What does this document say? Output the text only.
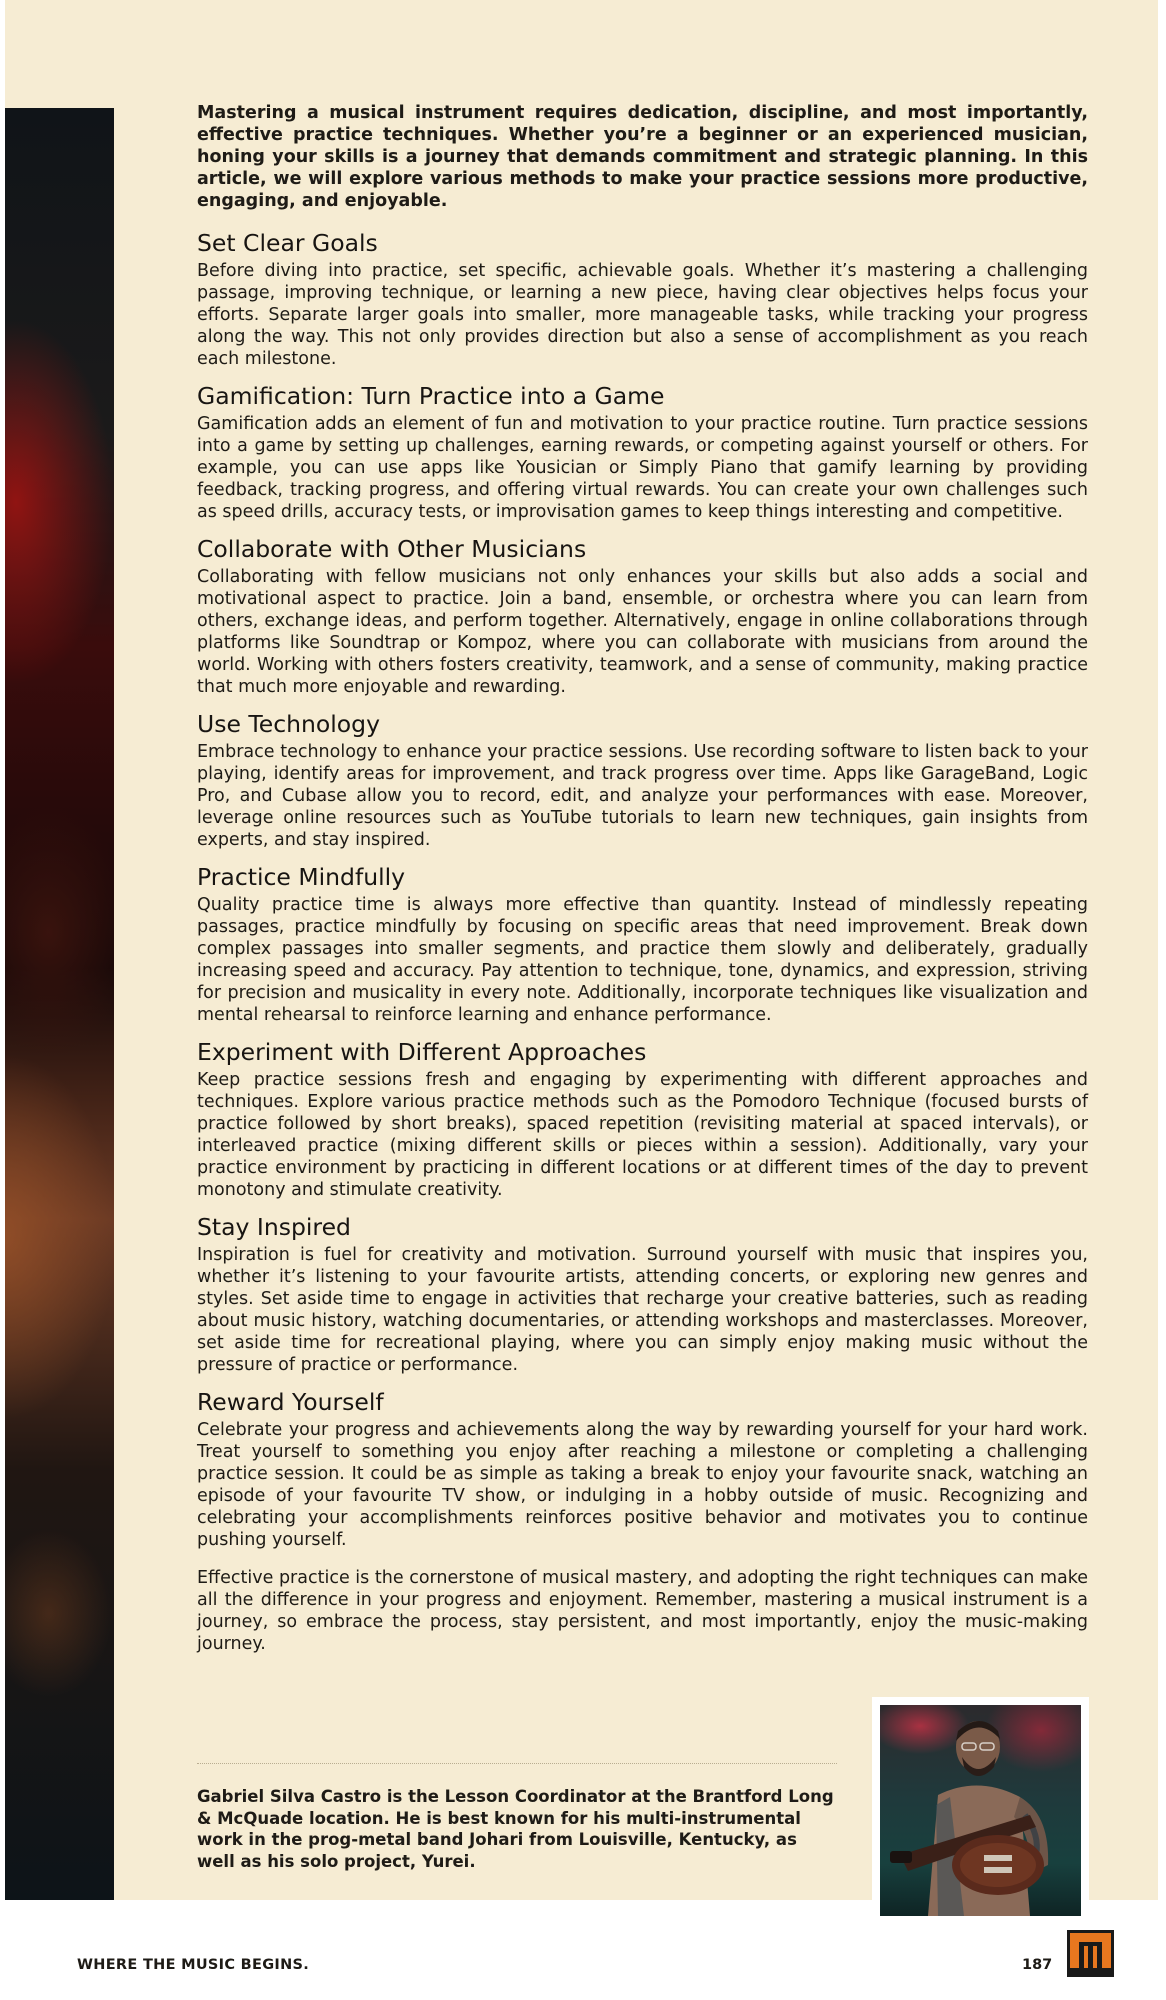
Mastering a musical instrument requires dedication, discipline, and most importantly, effective practice techniques. Whether you’re a beginner or an experienced musician, honing your skills is a journey that demands commitment and strategic planning. In this article, we will explore various methods to make your practice sessions more productive, engaging, and enjoyable.

Set Clear Goals

Before diving into practice, set specific, achievable goals. Whether it’s mastering a challenging passage, improving technique, or learning a new piece, having clear objectives helps focus your efforts. Separate larger goals into smaller, more manageable tasks, while tracking your progress along the way. This not only provides direction but also a sense of accomplishment as you reach each milestone.

Gamification: Turn Practice into a Game

Gamification adds an element of fun and motivation to your practice routine. Turn practice sessions into a game by setting up challenges, earning rewards, or competing against yourself or others. For example, you can use apps like Yousician or Simply Piano that gamify learning by providing feedback, tracking progress, and offering virtual rewards. You can create your own challenges such as speed drills, accuracy tests, or improvisation games to keep things interesting and competitive.

Collaborate with Other Musicians

Collaborating with fellow musicians not only enhances your skills but also adds a social and motivational aspect to practice. Join a band, ensemble, or orchestra where you can learn from others, exchange ideas, and perform together. Alternatively, engage in online collaborations through platforms like Soundtrap or Kompoz, where you can collaborate with musicians from around the world. Working with others fosters creativity, teamwork, and a sense of community, making practice that much more enjoyable and rewarding.

Use Technology

Embrace technology to enhance your practice sessions. Use recording software to listen back to your playing, identify areas for improvement, and track progress over time. Apps like GarageBand, Logic Pro, and Cubase allow you to record, edit, and analyze your performances with ease. Moreover, leverage online resources such as YouTube tutorials to learn new techniques, gain insights from experts, and stay inspired.

Practice Mindfully

Quality practice time is always more effective than quantity. Instead of mindlessly repeating passages, practice mindfully by focusing on specific areas that need improvement. Break down complex passages into smaller segments, and practice them slowly and deliberately, gradually increasing speed and accuracy. Pay attention to technique, tone, dynamics, and expression, striving for precision and musicality in every note. Additionally, incorporate techniques like visualization and mental rehearsal to reinforce learning and enhance performance.

Experiment with Different Approaches

Keep practice sessions fresh and engaging by experimenting with different approaches and techniques. Explore various practice methods such as the Pomodoro Technique (focused bursts of practice followed by short breaks), spaced repetition (revisiting material at spaced intervals), or interleaved practice (mixing different skills or pieces within a session). Additionally, vary your practice environment by practicing in different locations or at different times of the day to prevent monotony and stimulate creativity.

Stay Inspired

Inspiration is fuel for creativity and motivation. Surround yourself with music that inspires you, whether it’s listening to your favourite artists, attending concerts, or exploring new genres and styles. Set aside time to engage in activities that recharge your creative batteries, such as reading about music history, watching documentaries, or attending workshops and masterclasses. Moreover, set aside time for recreational playing, where you can simply enjoy making music without the pressure of practice or performance.

Reward Yourself

Celebrate your progress and achievements along the way by rewarding yourself for your hard work. Treat yourself to something you enjoy after reaching a milestone or completing a challenging practice session. It could be as simple as taking a break to enjoy your favourite snack, watching an episode of your favourite TV show, or indulging in a hobby outside of music. Recognizing and celebrating your accomplishments reinforces positive behavior and motivates you to continue pushing yourself.

Effective practice is the cornerstone of musical mastery, and adopting the right techniques can make all the difference in your progress and enjoyment. Remember, mastering a musical instrument is a journey, so embrace the process, stay persistent, and most importantly, enjoy the music-making journey.

Gabriel Silva Castro is the Lesson Coordinator at the Brantford Long & McQuade location. He is best known for his multi-instrumental work in the prog-metal band Johari from Louisville, Kentucky, as well as his solo project, Yurei.

WHERE THE MUSIC BEGINS.	187
